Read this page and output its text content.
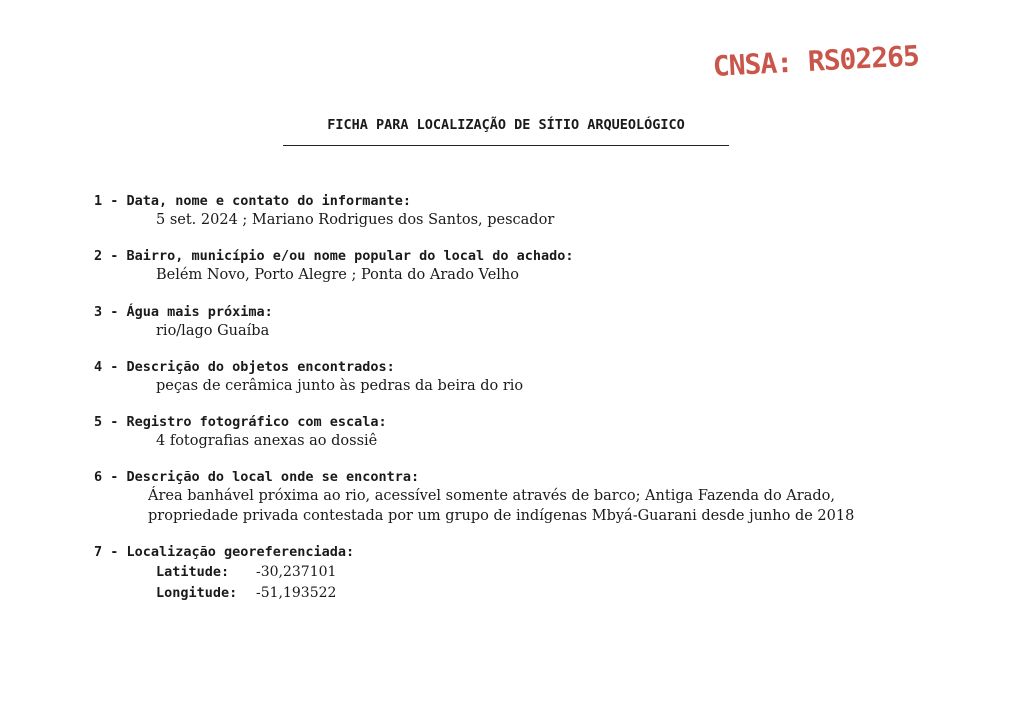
CNSA: RS02265
FICHA PARA LOCALIZAÇÃO DE SÍTIO ARQUEOLÓGICO
1 - Data, nome e contato do informante:
5 set. 2024 ; Mariano Rodrigues dos Santos, pescador
2 - Bairro, município e/ou nome popular do local do achado:
Belém Novo, Porto Alegre ; Ponta do Arado Velho
3 - Água mais próxima:
rio/lago Guaíba
4 - Descrição do objetos encontrados:
peças de cerâmica junto às pedras da beira do rio
5 - Registro fotográfico com escala:
4 fotografias anexas ao dossiê
6 - Descrição do local onde se encontra:
Área banhável próxima ao rio, acessível somente através de barco; Antiga Fazenda do Arado,
propriedade privada contestada por um grupo de indígenas Mbyá-Guarani desde junho de 2018
7 - Localização georeferenciada:
Latitude: -30,237101
Longitude: -51,193522
